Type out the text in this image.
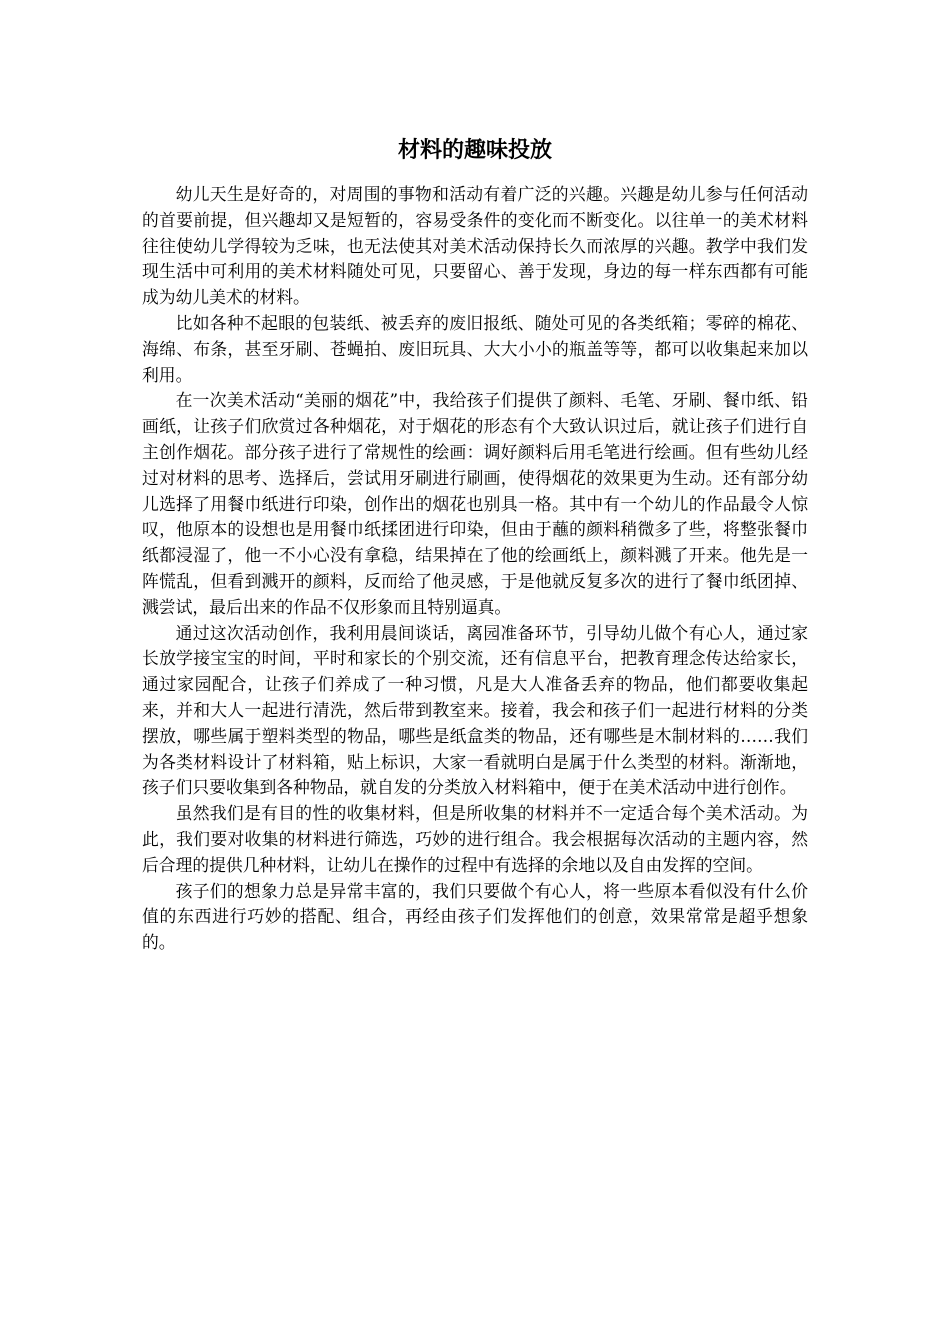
材料的趣味投放

幼儿天生是好奇的，对周围的事物和活动有着广泛的兴趣。兴趣是幼儿参与任何活动的首要前提，但兴趣却又是短暂的，容易受条件的变化而不断变化。以往单一的美术材料往往使幼儿学得较为乏味，也无法使其对美术活动保持长久而浓厚的兴趣。教学中我们发现生活中可利用的美术材料随处可见，只要留心、善于发现，身边的每一样东西都有可能成为幼儿美术的材料。

比如各种不起眼的包装纸、被丢弃的废旧报纸、随处可见的各类纸箱；零碎的棉花、海绵、布条，甚至牙刷、苍蝇拍、废旧玩具、大大小小的瓶盖等等，都可以收集起来加以利用。

在一次美术活动“美丽的烟花”中，我给孩子们提供了颜料、毛笔、牙刷、餐巾纸、铅画纸，让孩子们欣赏过各种烟花，对于烟花的形态有个大致认识过后，就让孩子们进行自主创作烟花。部分孩子进行了常规性的绘画：调好颜料后用毛笔进行绘画。但有些幼儿经过对材料的思考、选择后，尝试用牙刷进行刷画，使得烟花的效果更为生动。还有部分幼儿选择了用餐巾纸进行印染，创作出的烟花也别具一格。其中有一个幼儿的作品最令人惊叹，他原本的设想也是用餐巾纸揉团进行印染，但由于蘸的颜料稍微多了些，将整张餐巾纸都浸湿了，他一不小心没有拿稳，结果掉在了他的绘画纸上，颜料溅了开来。他先是一阵慌乱，但看到溅开的颜料，反而给了他灵感，于是他就反复多次的进行了餐巾纸团掉、溅尝试，最后出来的作品不仅形象而且特别逼真。

通过这次活动创作，我利用晨间谈话，离园准备环节，引导幼儿做个有心人，通过家长放学接宝宝的时间，平时和家长的个别交流，还有信息平台，把教育理念传达给家长，通过家园配合，让孩子们养成了一种习惯，凡是大人准备丢弃的物品，他们都要收集起来，并和大人一起进行清洗，然后带到教室来。接着，我会和孩子们一起进行材料的分类摆放，哪些属于塑料类型的物品，哪些是纸盒类的物品，还有哪些是木制材料的……我们为各类材料设计了材料箱，贴上标识，大家一看就明白是属于什么类型的材料。渐渐地，孩子们只要收集到各种物品，就自发的分类放入材料箱中，便于在美术活动中进行创作。

虽然我们是有目的性的收集材料，但是所收集的材料并不一定适合每个美术活动。为此，我们要对收集的材料进行筛选，巧妙的进行组合。我会根据每次活动的主题内容，然后合理的提供几种材料，让幼儿在操作的过程中有选择的余地以及自由发挥的空间。

孩子们的想象力总是异常丰富的，我们只要做个有心人，将一些原本看似没有什么价值的东西进行巧妙的搭配、组合，再经由孩子们发挥他们的创意，效果常常是超乎想象的。
